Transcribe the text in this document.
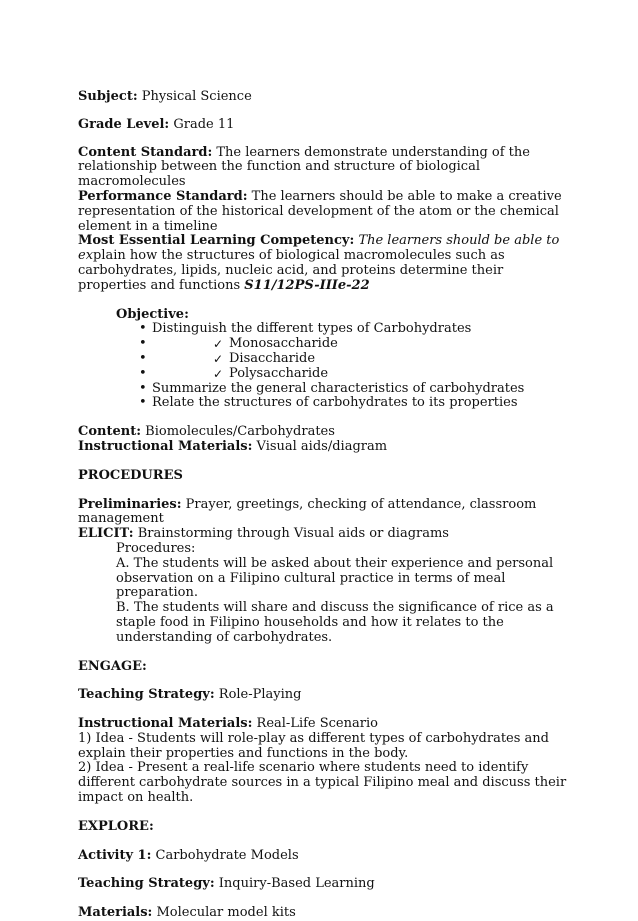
Subject: Physical Science

Grade Level: Grade 11

Content Standard: The learners demonstrate understanding of the relationship between the function and structure of biological macromolecules

Performance Standard: The learners should be able to make a creative representation of the historical development of the atom or the chemical element in a timeline

Most Essential Learning Competency: The learners should be able to explain how the structures of biological macromolecules such as carbohydrates, lipids, nucleic acid, and proteins determine their properties and functions S11/12PS-IIIe-22

Objective:

• Distinguish the different types of Carbohydrates
• ✓ Monosaccharide
• ✓ Disaccharide
• ✓ Polysaccharide
• Summarize the general characteristics of carbohydrates
• Relate the structures of carbohydrates to its properties

Content: Biomolecules/Carbohydrates

Instructional Materials: Visual aids/diagram

PROCEDURES

Preliminaries: Prayer, greetings, checking of attendance, classroom management

ELICIT: Brainstorming through Visual aids or diagrams

Procedures:

A. The students will be asked about their experience and personal observation on a Filipino cultural practice in terms of meal preparation.

B. The students will share and discuss the significance of rice as a staple food in Filipino households and how it relates to the understanding of carbohydrates.

ENGAGE:

Teaching Strategy: Role-Playing

Instructional Materials: Real-Life Scenario

1) Idea - Students will role-play as different types of carbohydrates and explain their properties and functions in the body.

2) Idea - Present a real-life scenario where students need to identify different carbohydrate sources in a typical Filipino meal and discuss their impact on health.

EXPLORE:

Activity 1: Carbohydrate Models

Teaching Strategy: Inquiry-Based Learning

Materials: Molecular model kits
